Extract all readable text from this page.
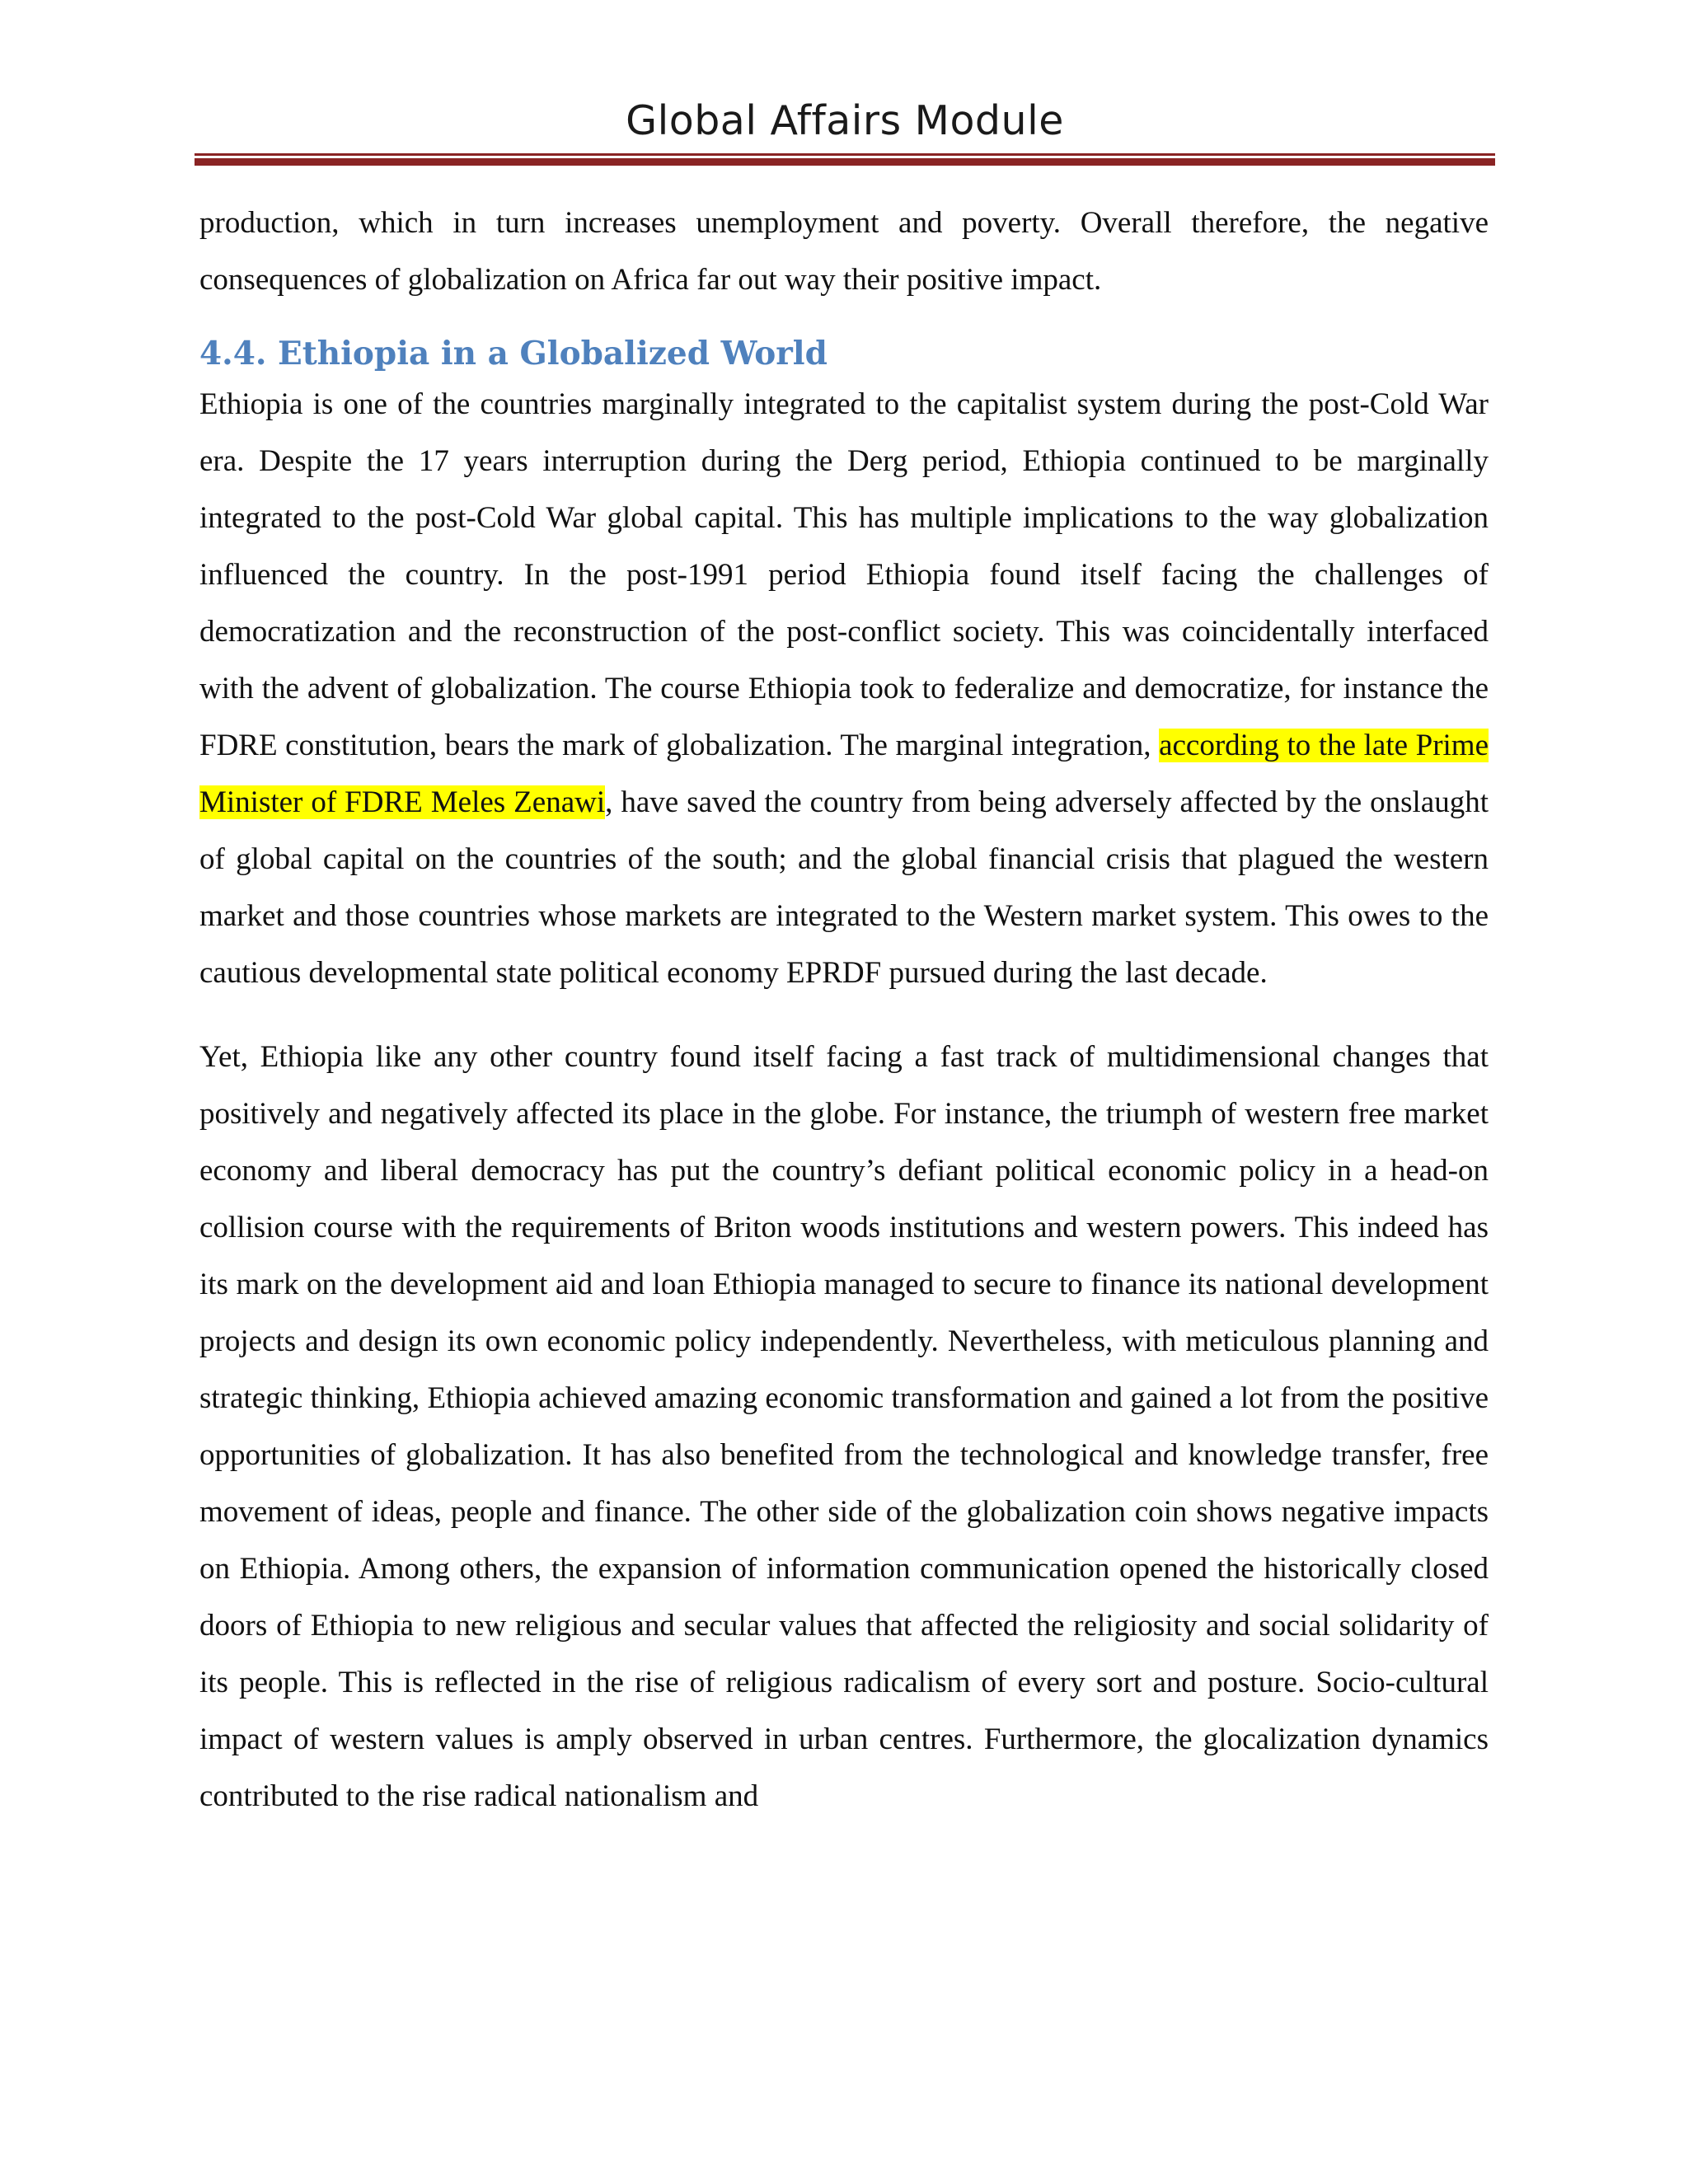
Global Affairs Module

production, which in turn increases unemployment and poverty. Overall therefore, the negative consequences of globalization on Africa far out way their positive impact.

4.4. Ethiopia in a Globalized World

Ethiopia is one of the countries marginally integrated to the capitalist system during the post-Cold War era. Despite the 17 years interruption during the Derg period, Ethiopia continued to be marginally integrated to the post-Cold War global capital. This has multiple implications to the way globalization influenced the country. In the post-1991 period Ethiopia found itself facing the challenges of democratization and the reconstruction of the post-conflict society. This was coincidentally interfaced with the advent of globalization. The course Ethiopia took to federalize and democratize, for instance the FDRE constitution, bears the mark of globalization. The marginal integration, according to the late Prime Minister of FDRE Meles Zenawi, have saved the country from being adversely affected by the onslaught of global capital on the countries of the south; and the global financial crisis that plagued the western market and those countries whose markets are integrated to the Western market system. This owes to the cautious developmental state political economy EPRDF pursued during the last decade.

Yet, Ethiopia like any other country found itself facing a fast track of multidimensional changes that positively and negatively affected its place in the globe. For instance, the triumph of western free market economy and liberal democracy has put the country’s defiant political economic policy in a head-on collision course with the requirements of Briton woods institutions and western powers. This indeed has its mark on the development aid and loan Ethiopia managed to secure to finance its national development projects and design its own economic policy independently. Nevertheless, with meticulous planning and strategic thinking, Ethiopia achieved amazing economic transformation and gained a lot from the positive opportunities of globalization. It has also benefited from the technological and knowledge transfer, free movement of ideas, people and finance. The other side of the globalization coin shows negative impacts on Ethiopia. Among others, the expansion of information communication opened the historically closed doors of Ethiopia to new religious and secular values that affected the religiosity and social solidarity of its people. This is reflected in the rise of religious radicalism of every sort and posture. Socio-cultural impact of western values is amply observed in urban centres. Furthermore, the glocalization dynamics contributed to the rise radical nationalism and
